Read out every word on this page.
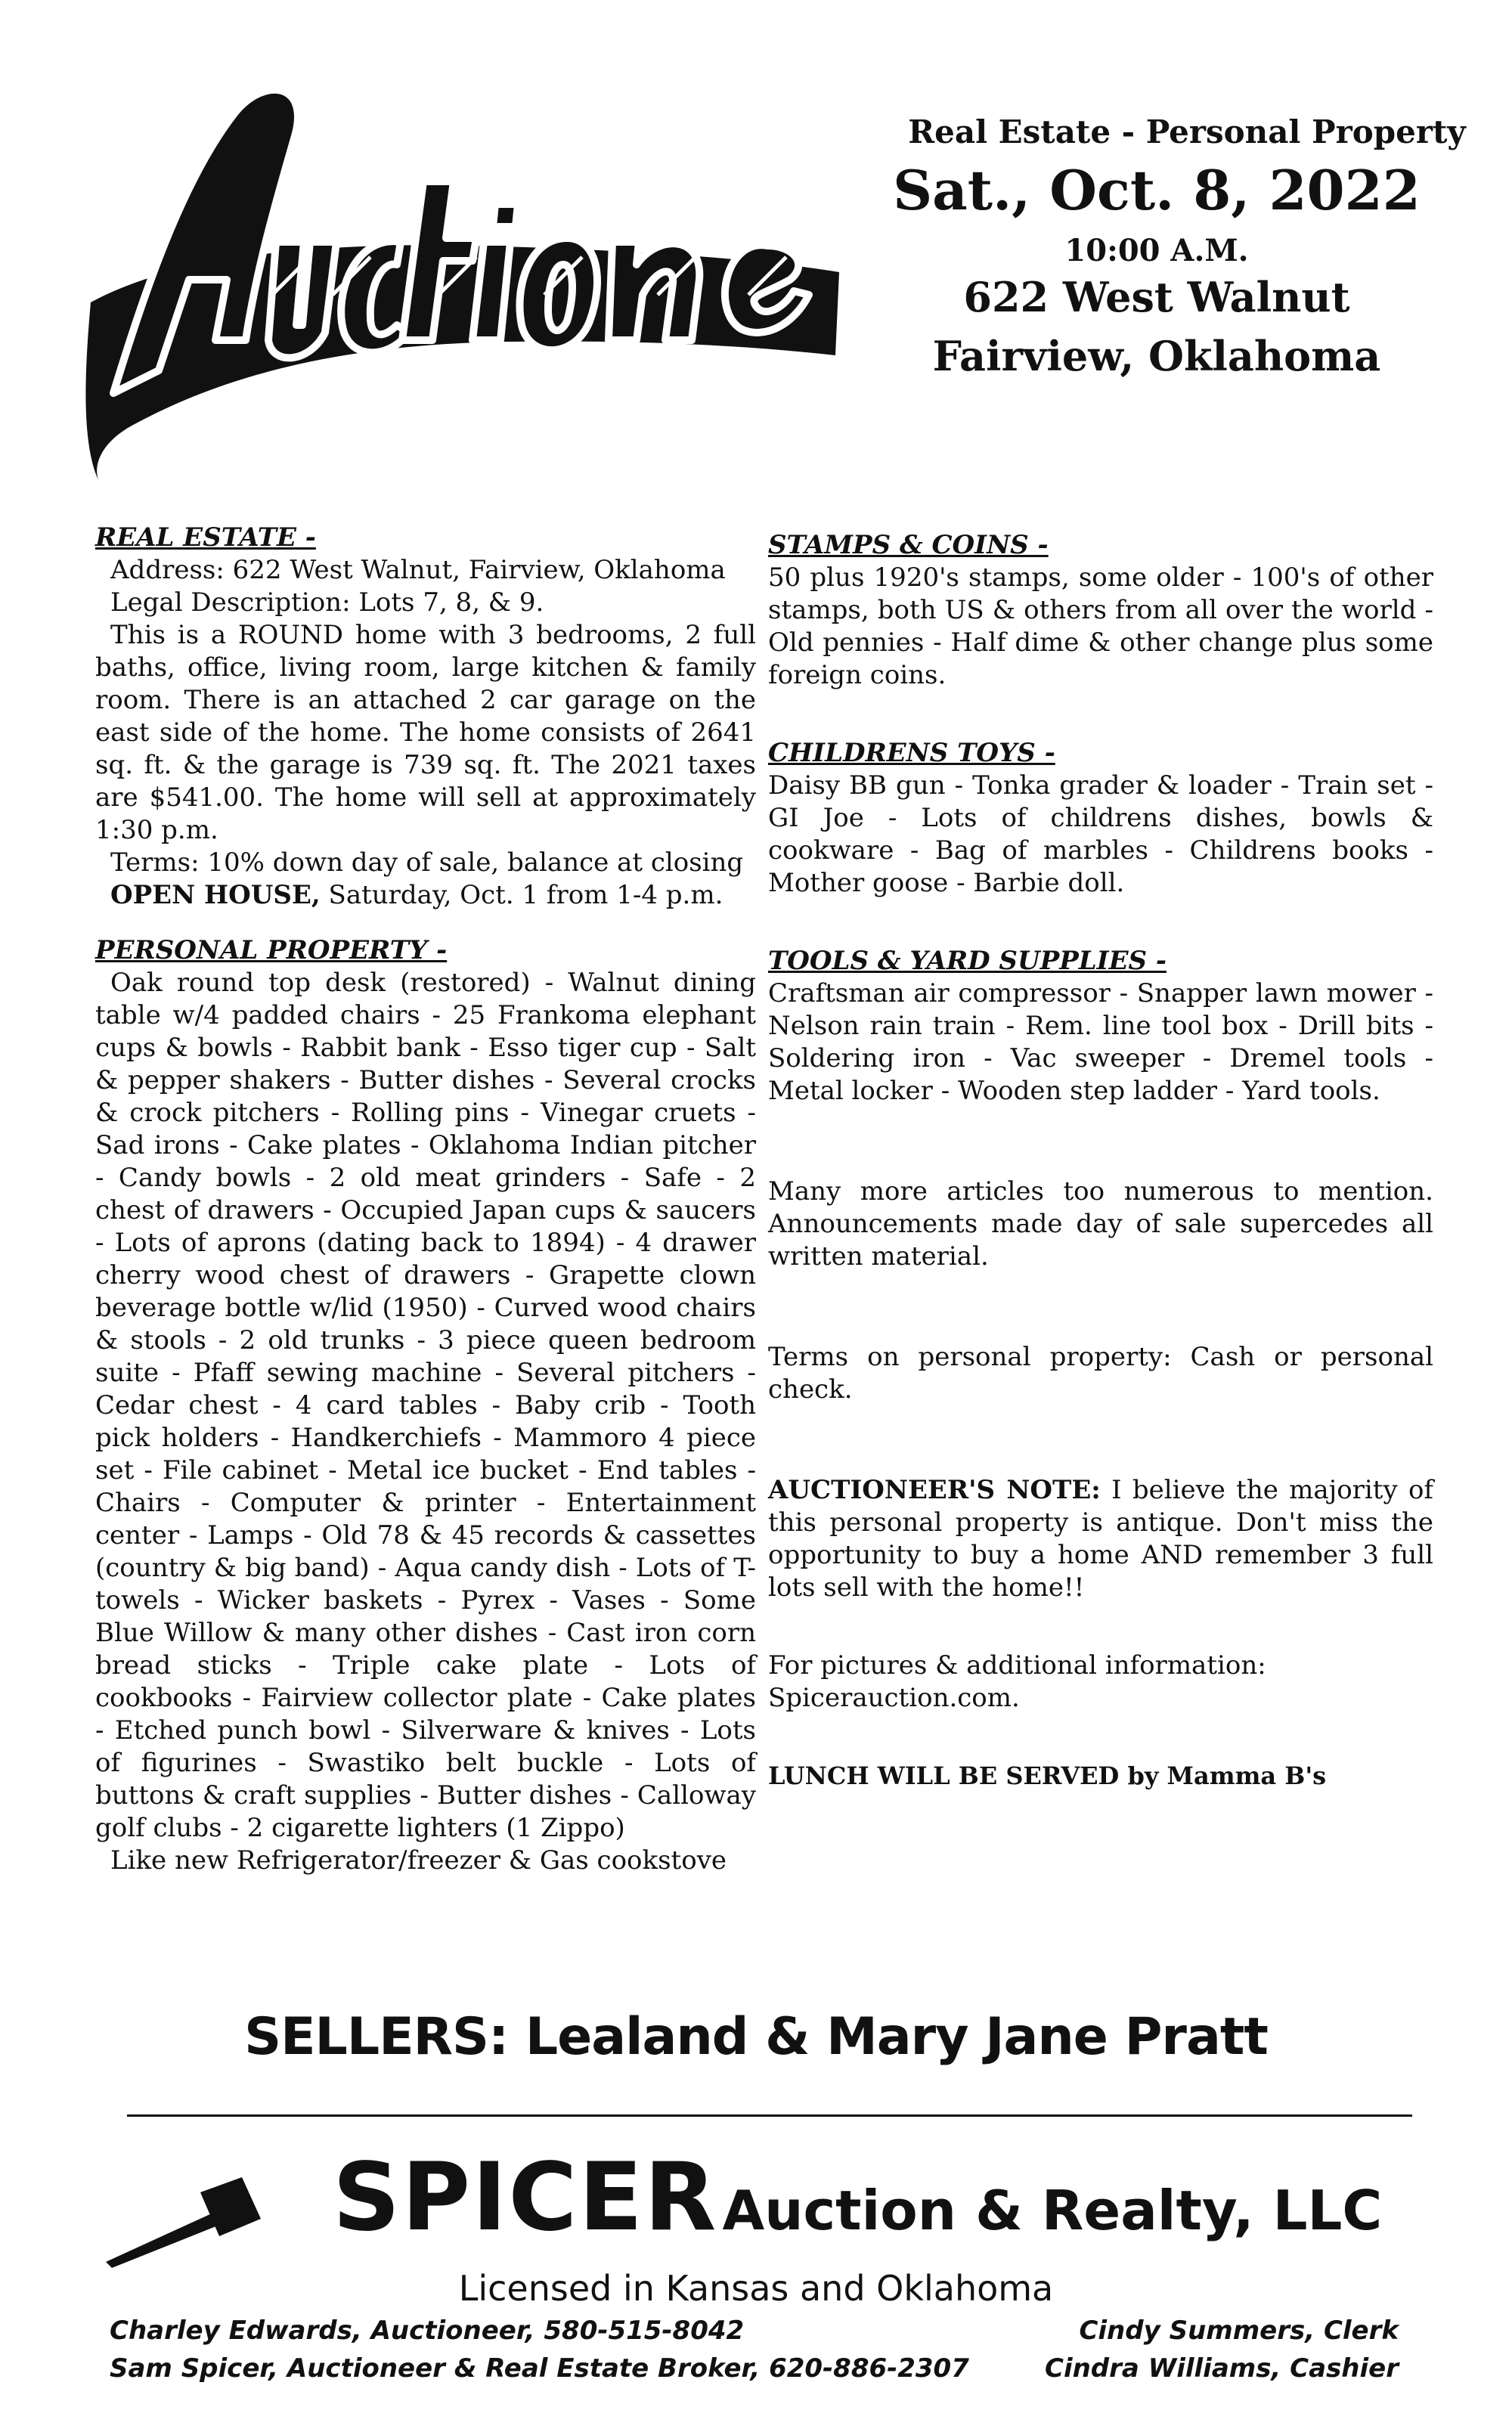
Real Estate - Personal Property
Sat., Oct. 8, 2022
10:00 A.M.
622 West Walnut
Fairview, Oklahoma
REAL ESTATE -
Address: 622 West Walnut, Fairview, Oklahoma
Legal Description: Lots 7, 8, & 9.
This is a ROUND home with 3 bedrooms, 2 full baths, office, living room, large kitchen & family room. There is an attached 2 car garage on the east side of the home. The home consists of 2641 sq. ft. & the garage is 739 sq. ft. The 2021 taxes are $541.00. The home will sell at approximately 1:30 p.m.
Terms: 10% down day of sale, balance at closing
OPEN HOUSE, Saturday, Oct. 1 from 1-4 p.m.
PERSONAL PROPERTY -
Oak round top desk (restored) - Walnut dining table w/4 padded chairs - 25 Frankoma elephant cups & bowls - Rabbit bank - Esso tiger cup - Salt & pepper shakers - Butter dishes - Several crocks & crock pitchers - Rolling pins - Vinegar cruets - Sad irons - Cake plates - Oklahoma Indian pitcher - Candy bowls - 2 old meat grinders - Safe - 2 chest of drawers - Occupied Japan cups & saucers - Lots of aprons (dating back to 1894) - 4 drawer cherry wood chest of drawers - Grapette clown beverage bottle w/lid (1950) - Curved wood chairs & stools - 2 old trunks - 3 piece queen bedroom suite - Pfaff sewing machine - Several pitchers - Cedar chest - 4 card tables - Baby crib - Tooth pick holders - Handkerchiefs - Mammoro 4 piece set - File cabinet - Metal ice bucket - End tables - Chairs - Computer & printer - Entertainment center - Lamps - Old 78 & 45 records & cassettes (country & big band) - Aqua candy dish - Lots of T-towels - Wicker baskets - Pyrex - Vases - Some Blue Willow & many other dishes - Cast iron corn bread sticks - Triple cake plate - Lots of cookbooks - Fairview collector plate - Cake plates - Etched punch bowl - Silverware & knives - Lots of figurines - Swastiko belt buckle - Lots of buttons & craft supplies - Butter dishes - Calloway golf clubs - 2 cigarette lighters (1 Zippo)
Like new Refrigerator/freezer & Gas cookstove
STAMPS & COINS -
50 plus 1920's stamps, some older - 100's of other stamps, both US & others from all over the world - Old pennies - Half dime & other change plus some foreign coins.
CHILDRENS TOYS -
Daisy BB gun - Tonka grader & loader - Train set - GI Joe - Lots of childrens dishes, bowls & cookware - Bag of marbles - Childrens books - Mother goose - Barbie doll.
TOOLS & YARD SUPPLIES -
Craftsman air compressor - Snapper lawn mower - Nelson rain train - Rem. line tool box - Drill bits - Soldering iron - Vac sweeper - Dremel tools - Metal locker - Wooden step ladder - Yard tools.
Many more articles too numerous to mention. Announcements made day of sale supercedes all written material.
Terms on personal property: Cash or personal check.
AUCTIONEER'S NOTE: I believe the majority of this personal property is antique. Don't miss the opportunity to buy a home AND remember 3 full lots sell with the home!!
For pictures & additional information:
Spicerauction.com.
LUNCH WILL BE SERVED by Mamma B's
SELLERS: Lealand & Mary Jane Pratt
SPICERAuction & Realty, LLC
Licensed in Kansas and Oklahoma
Charley Edwards, Auctioneer, 580-515-8042
Sam Spicer, Auctioneer & Real Estate Broker, 620-886-2307
Cindy Summers, Clerk
Cindra Williams, Cashier
